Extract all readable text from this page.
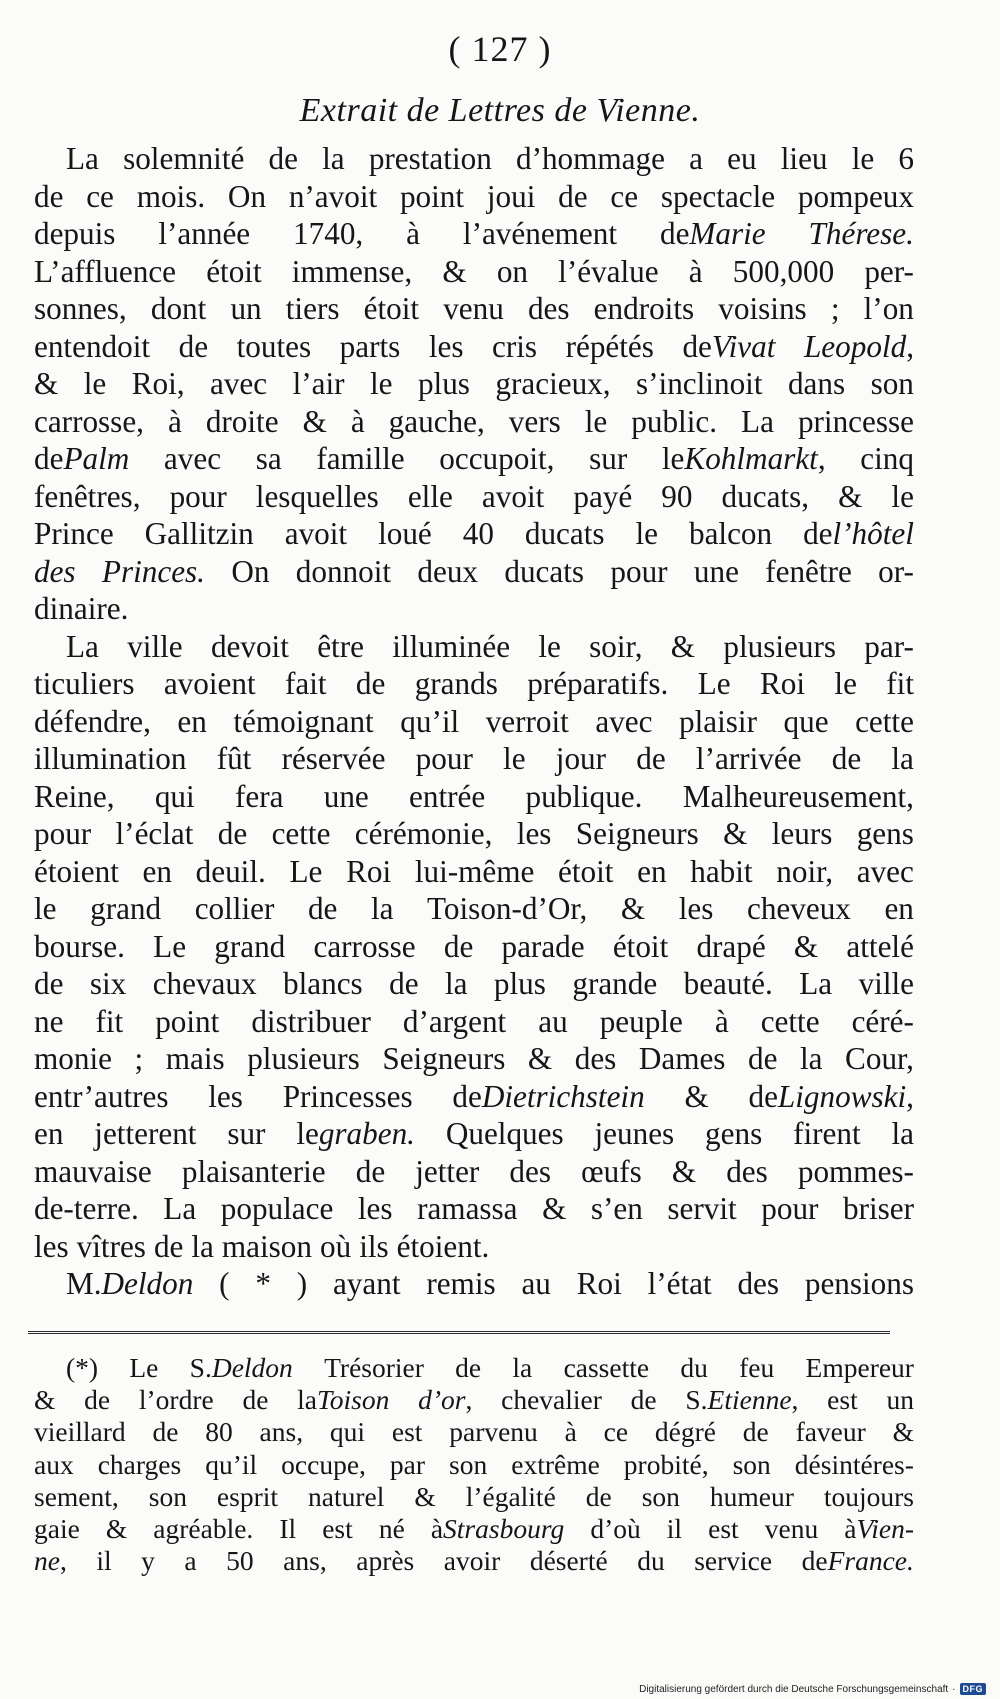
( 127 )
Extrait de Lettres de Vienne.
La solemnité de la prestation d’hommage a eu lieu le 6
de ce mois. On n’avoit point joui de ce spectacle pompeux
depuis l’année 1740, à l’avénement deMarie Thérese.
L’affluence étoit immense, & on l’évalue à 500,000 per-
sonnes, dont un tiers étoit venu des endroits voisins ; l’on
entendoit de toutes parts les cris répétés deVivat Leopold,
& le Roi, avec l’air le plus gracieux, s’inclinoit dans son
carrosse, à droite & à gauche, vers le public. La princesse
dePalm avec sa famille occupoit, sur leKohlmarkt, cinq
fenêtres, pour lesquelles elle avoit payé 90 ducats, & le
Prince Gallitzin avoit loué 40 ducats le balcon del’hôtel
des Princes. On donnoit deux ducats pour une fenêtre or-
dinaire.
La ville devoit être illuminée le soir, & plusieurs par-
ticuliers avoient fait de grands préparatifs. Le Roi le fit
défendre, en témoignant qu’il verroit avec plaisir que cette
illumination fût réservée pour le jour de l’arrivée de la
Reine, qui fera une entrée publique. Malheureusement,
pour l’éclat de cette cérémonie, les Seigneurs & leurs gens
étoient en deuil. Le Roi lui-même étoit en habit noir, avec
le grand collier de la Toison-d’Or, & les cheveux en
bourse. Le grand carrosse de parade étoit drapé & attelé
de six chevaux blancs de la plus grande beauté. La ville
ne fit point distribuer d’argent au peuple à cette céré-
monie ; mais plusieurs Seigneurs & des Dames de la Cour,
entr’autres les Princesses deDietrichstein & deLignowski,
en jetterent sur legraben. Quelques jeunes gens firent la
mauvaise plaisanterie de jetter des œufs & des pommes-
de-terre. La populace les ramassa & s’en servit pour briser
les vîtres de la maison où ils étoient.
M.Deldon ( * ) ayant remis au Roi l’état des pensions
(*) Le S.Deldon Trésorier de la cassette du feu Empereur
& de l’ordre de laToison d’or, chevalier de S.Etienne, est un
vieillard de 80 ans, qui est parvenu à ce dégré de faveur &
aux charges qu’il occupe, par son extrême probité, son désintéres-
sement, son esprit naturel & l’égalité de son humeur toujours
gaie & agréable. Il est né àStrasbourg d’où il est venu àVien-
ne, il y a 50 ans, après avoir déserté du service deFrance.
Digitalisierung gefördert durch die Deutsche Forschungsgemeinschaft · DFG
